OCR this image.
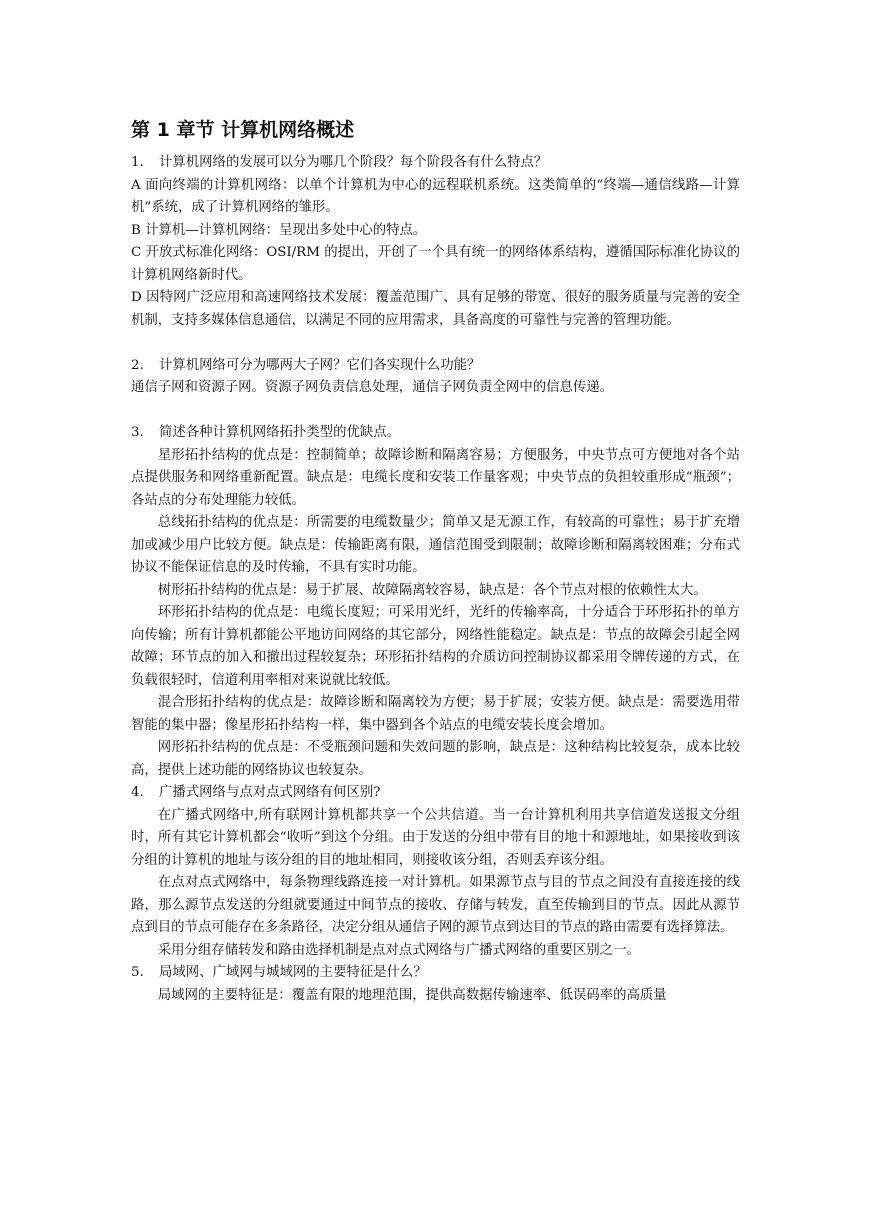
第 1 章节 计算机网络概述

1. 计算机网络的发展可以分为哪几个阶段？每个阶段各有什么特点？

A 面向终端的计算机网络：以单个计算机为中心的远程联机系统。这类简单的“终端—通信线路—计算机”系统，成了计算机网络的雏形。

B 计算机—计算机网络：呈现出多处中心的特点。

C 开放式标准化网络：OSI/RM 的提出，开创了一个具有统一的网络体系结构，遵循国际标准化协议的计算机网络新时代。

D 因特网广泛应用和高速网络技术发展：覆盖范围广、具有足够的带宽、很好的服务质量与完善的安全机制，支持多媒体信息通信，以满足不同的应用需求，具备高度的可靠性与完善的管理功能。

2. 计算机网络可分为哪两大子网？它们各实现什么功能？

通信子网和资源子网。资源子网负责信息处理，通信子网负责全网中的信息传递。

3. 简述各种计算机网络拓扑类型的优缺点。

星形拓扑结构的优点是：控制简单；故障诊断和隔离容易；方便服务，中央节点可方便地对各个站点提供服务和网络重新配置。缺点是：电缆长度和安装工作量客观；中央节点的负担较重形成“瓶颈”；各站点的分布处理能力较低。

总线拓扑结构的优点是：所需要的电缆数量少；简单又是无源工作，有较高的可靠性；易于扩充增加或减少用户比较方便。缺点是：传输距离有限，通信范围受到限制；故障诊断和隔离较困难；分布式协议不能保证信息的及时传输，不具有实时功能。

树形拓扑结构的优点是：易于扩展、故障隔离较容易，缺点是：各个节点对根的依赖性太大。

环形拓扑结构的优点是：电缆长度短；可采用光纤，光纤的传输率高，十分适合于环形拓扑的单方向传输；所有计算机都能公平地访问网络的其它部分，网络性能稳定。缺点是：节点的故障会引起全网故障；环节点的加入和撤出过程较复杂；环形拓扑结构的介质访问控制协议都采用令牌传递的方式，在负载很轻时，信道利用率相对来说就比较低。

混合形拓扑结构的优点是：故障诊断和隔离较为方便；易于扩展；安装方便。缺点是：需要选用带智能的集中器；像星形拓扑结构一样，集中器到各个站点的电缆安装长度会增加。

网形拓扑结构的优点是：不受瓶颈问题和失效问题的影响，缺点是：这种结构比较复杂，成本比较高，提供上述功能的网络协议也较复杂。

4. 广播式网络与点对点式网络有何区别?

在广播式网络中,所有联网计算机都共享一个公共信道。当一台计算机利用共享信道发送报文分组时，所有其它计算机都会“收听”到这个分组。由于发送的分组中带有目的地十和源地址，如果接收到该分组的计算机的地址与该分组的目的地址相同，则接收该分组，否则丢弃该分组。

在点对点式网络中，每条物理线路连接一对计算机。如果源节点与目的节点之间没有直接连接的线路，那么源节点发送的分组就要通过中间节点的接收、存储与转发，直至传输到目的节点。因此从源节点到目的节点可能存在多条路径，决定分组从通信子网的源节点到达目的节点的路由需要有选择算法。

采用分组存储转发和路由选择机制是点对点式网络与广播式网络的重要区别之一。

5. 局域网、广域网与城域网的主要特征是什么？

局域网的主要特征是：覆盖有限的地理范围，提供高数据传输速率、低误码率的高质量
